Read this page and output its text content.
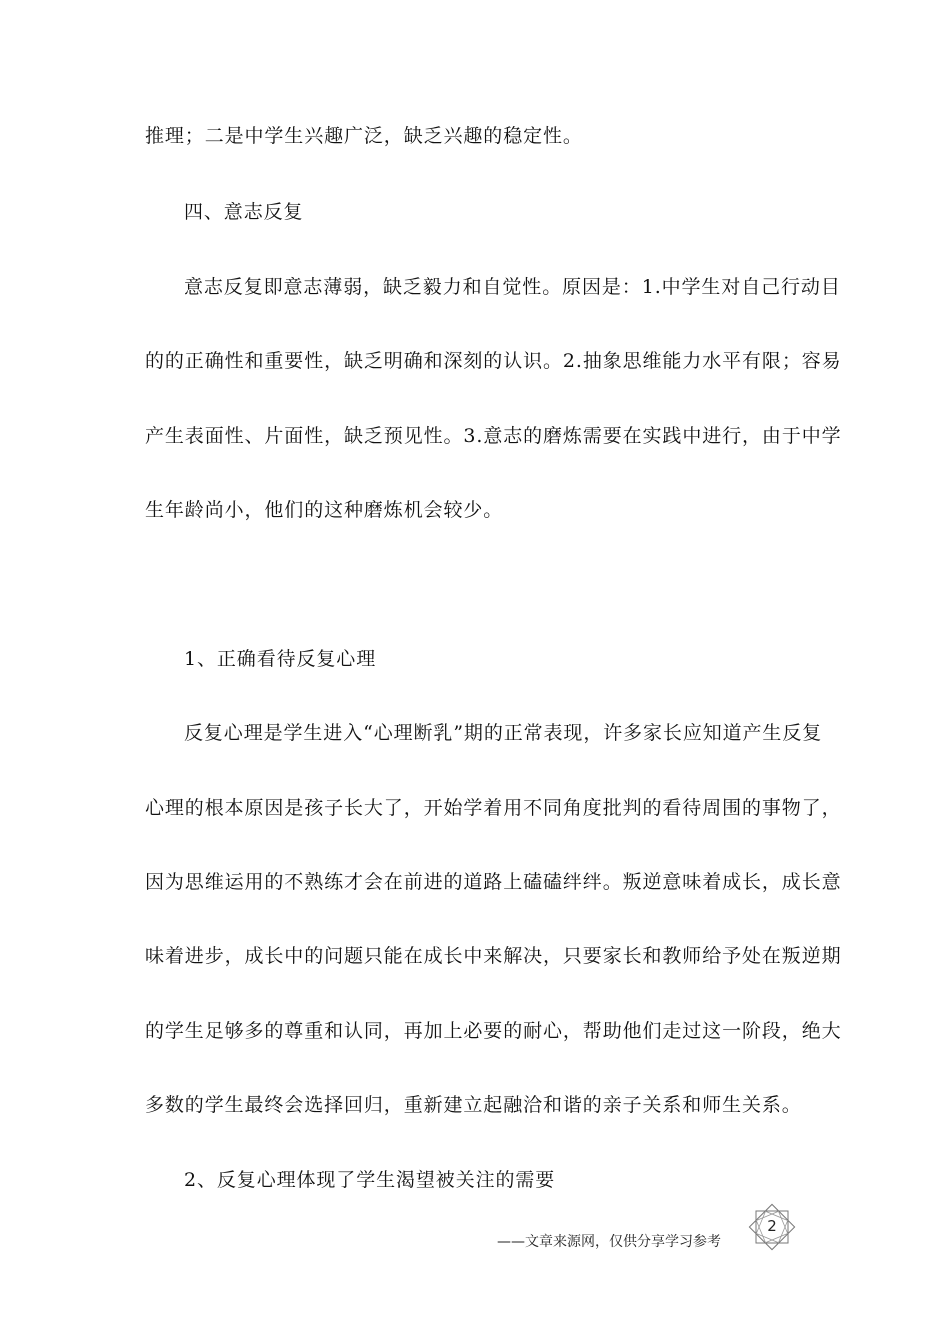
推理；二是中学生兴趣广泛，缺乏兴趣的稳定性。
四、意志反复
意志反复即意志薄弱，缺乏毅力和自觉性。原因是：1.中学生对自己行动目
的的正确性和重要性，缺乏明确和深刻的认识。2.抽象思维能力水平有限；容易
产生表面性、片面性，缺乏预见性。3.意志的磨炼需要在实践中进行，由于中学
生年龄尚小，他们的这种磨炼机会较少。
1、正确看待反复心理
反复心理是学生进入“心理断乳”期的正常表现，许多家长应知道产生反复
心理的根本原因是孩子长大了，开始学着用不同角度批判的看待周围的事物了，
因为思维运用的不熟练才会在前进的道路上磕磕绊绊。叛逆意味着成长，成长意
味着进步，成长中的问题只能在成长中来解决，只要家长和教师给予处在叛逆期
的学生足够多的尊重和认同，再加上必要的耐心，帮助他们走过这一阶段，绝大
多数的学生最终会选择回归，重新建立起融洽和谐的亲子关系和师生关系。
2、反复心理体现了学生渴望被关注的需要
——文章来源网，仅供分享学习参考
2
